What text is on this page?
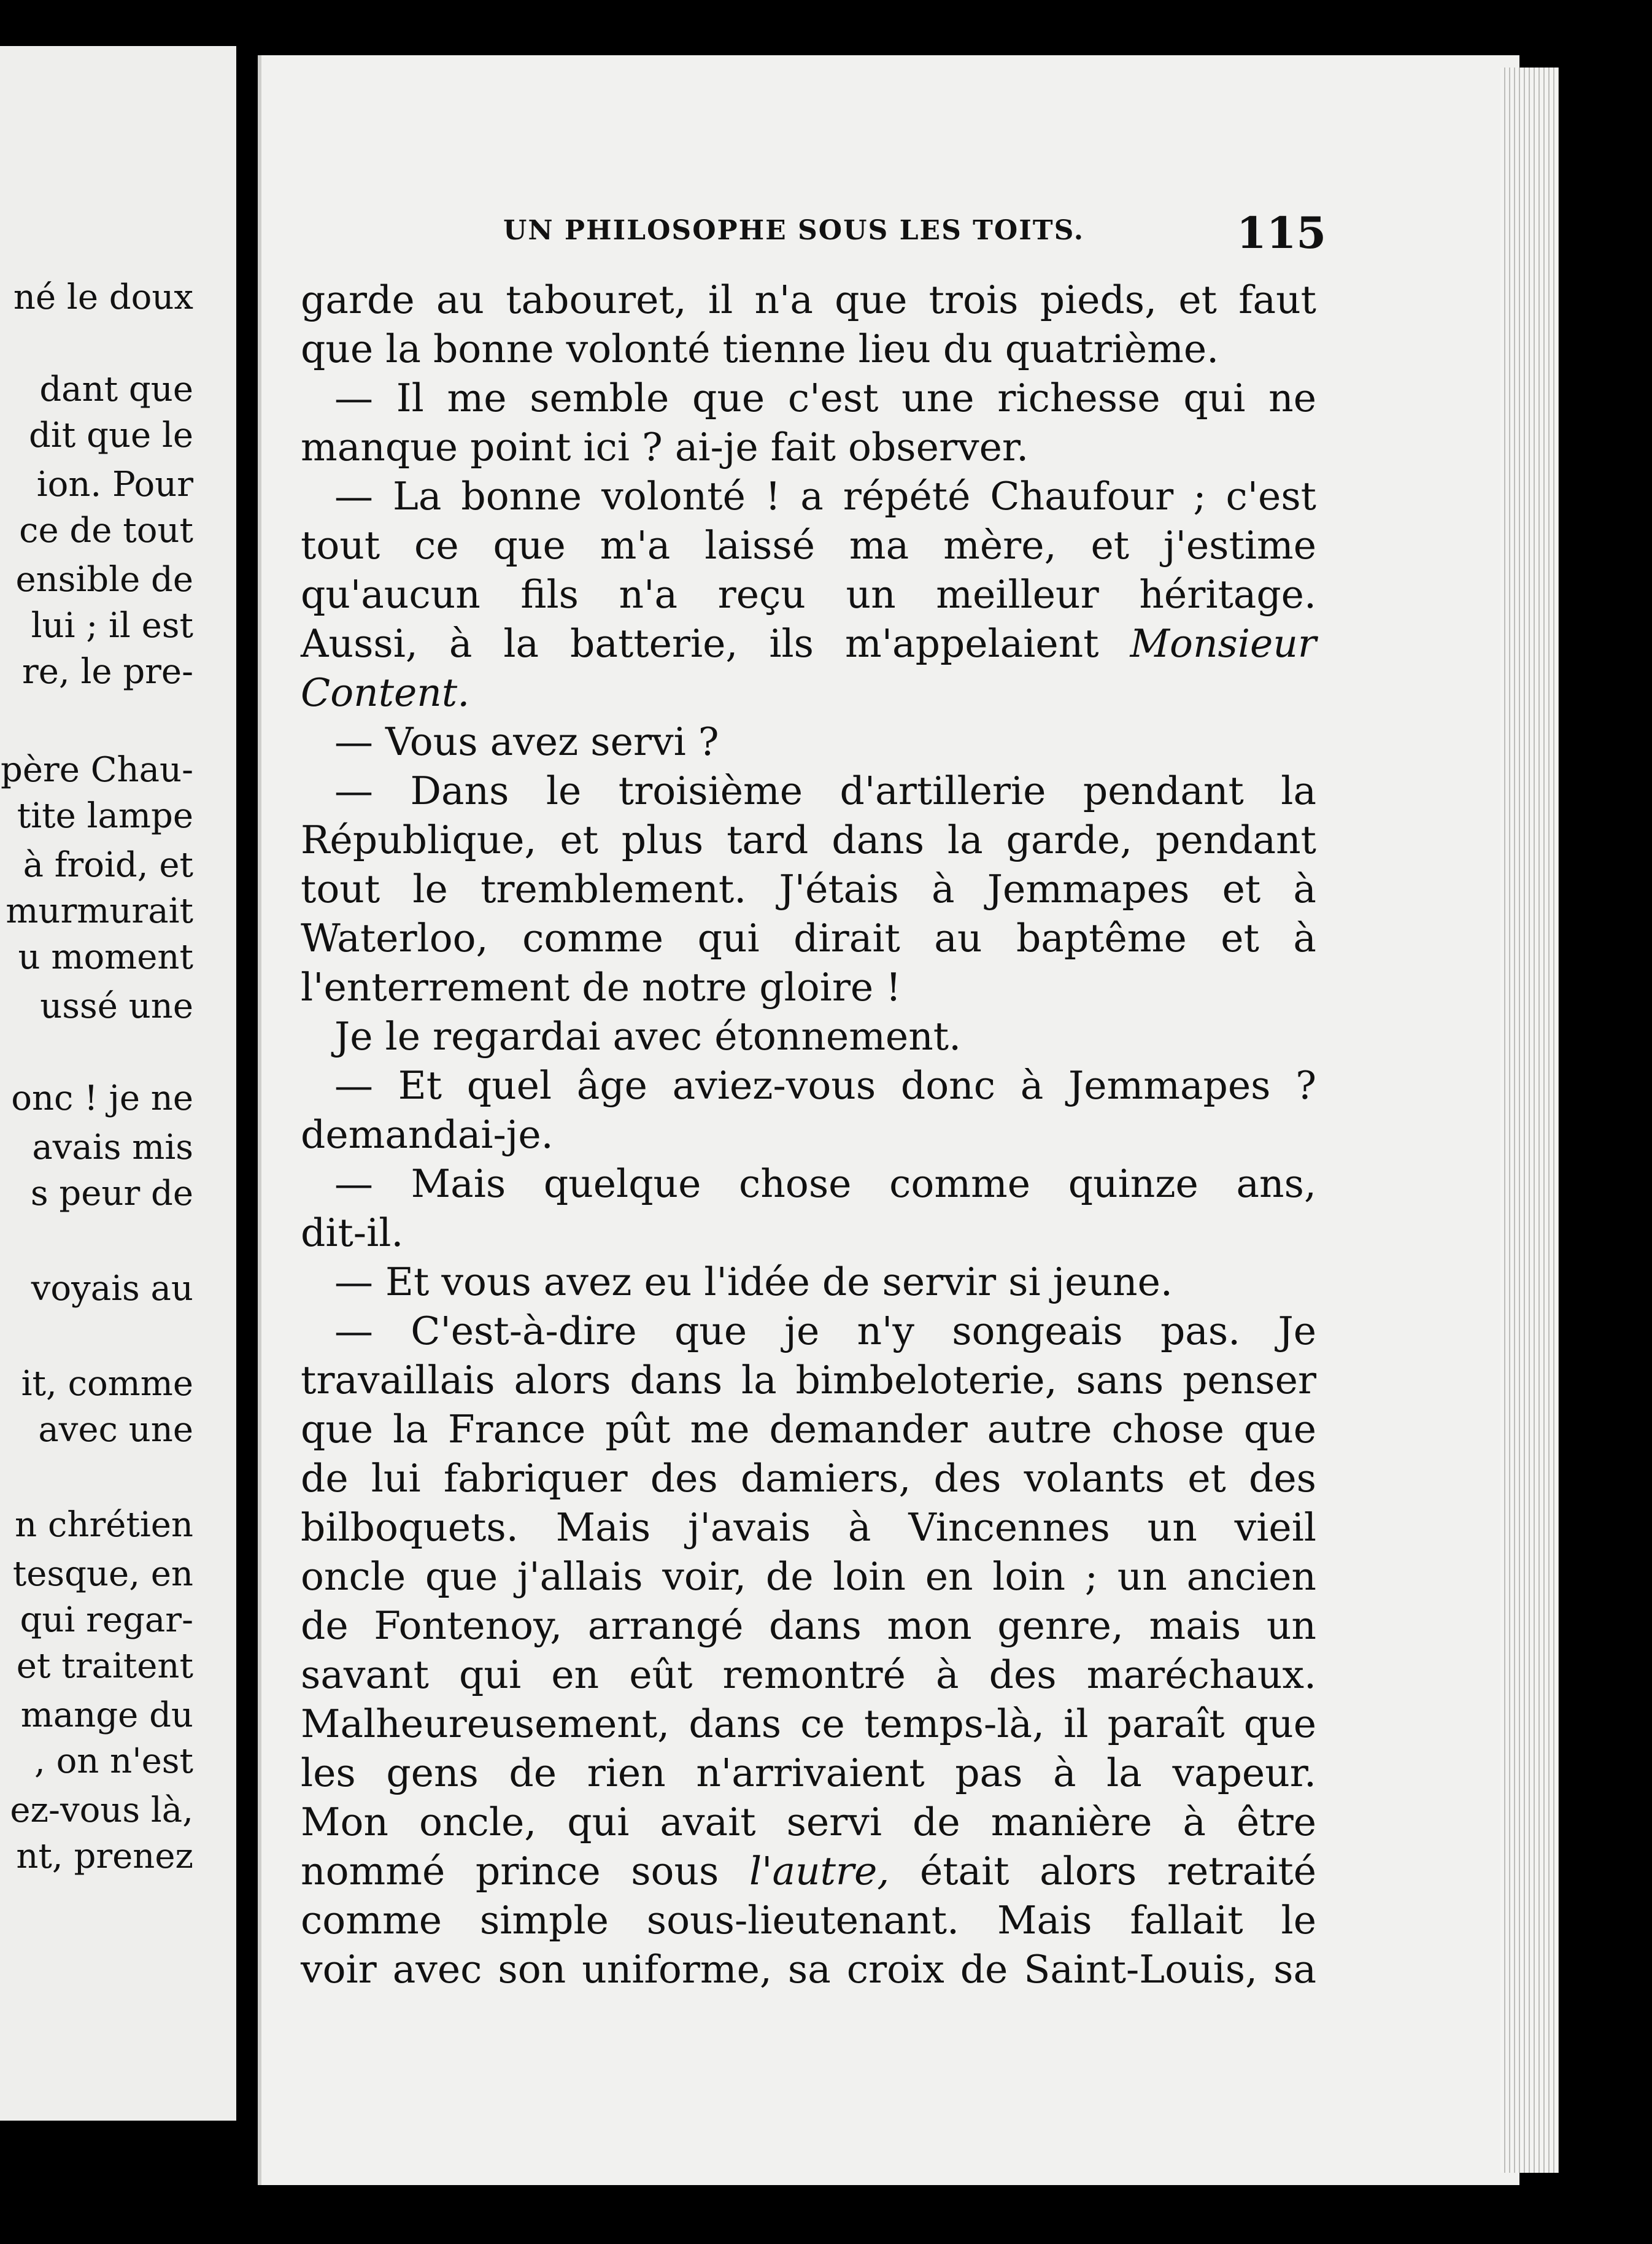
né le doux
dant que
dit que le
ion. Pour
ce de tout
ensible de
lui ; il est
re, le pre-
père Chau-
tite lampe
à froid, et
murmurait
u moment
ussé une
onc ! je ne
avais mis
s peur de
voyais au
it, comme
avec une
n chrétien
tesque, en
qui regar-
et traitent
mange du
, on n'est
ez-vous là,
nt, prenez
UN PHILOSOPHE SOUS LES TOITS.	115
garde au tabouret, il n'a que trois pieds, et faut
que la bonne volonté tienne lieu du quatrième.
— Il me semble que c'est une richesse qui ne
manque point ici ? ai-je fait observer.
— La bonne volonté ! a répété Chaufour ; c'est
tout ce que m'a laissé ma mère, et j'estime
qu'aucun fils n'a reçu un meilleur héritage.
Aussi, à la batterie, ils m'appelaient Monsieur
Content.
— Vous avez servi ?
— Dans le troisième d'artillerie pendant la
République, et plus tard dans la garde, pendant
tout le tremblement. J'étais à Jemmapes et à
Waterloo, comme qui dirait au baptême et à
l'enterrement de notre gloire !
Je le regardai avec étonnement.
— Et quel âge aviez-vous donc à Jemmapes ?
demandai-je.
— Mais quelque chose comme quinze ans,
dit-il.
— Et vous avez eu l'idée de servir si jeune.
— C'est-à-dire que je n'y songeais pas. Je
travaillais alors dans la bimbeloterie, sans penser
que la France pût me demander autre chose que
de lui fabriquer des damiers, des volants et des
bilboquets. Mais j'avais à Vincennes un vieil
oncle que j'allais voir, de loin en loin ; un ancien
de Fontenoy, arrangé dans mon genre, mais un
savant qui en eût remontré à des maréchaux.
Malheureusement, dans ce temps-là, il paraît que
les gens de rien n'arrivaient pas à la vapeur.
Mon oncle, qui avait servi de manière à être
nommé prince sous l'autre, était alors retraité
comme simple sous-lieutenant. Mais fallait le
voir avec son uniforme, sa croix de Saint-Louis, sa
